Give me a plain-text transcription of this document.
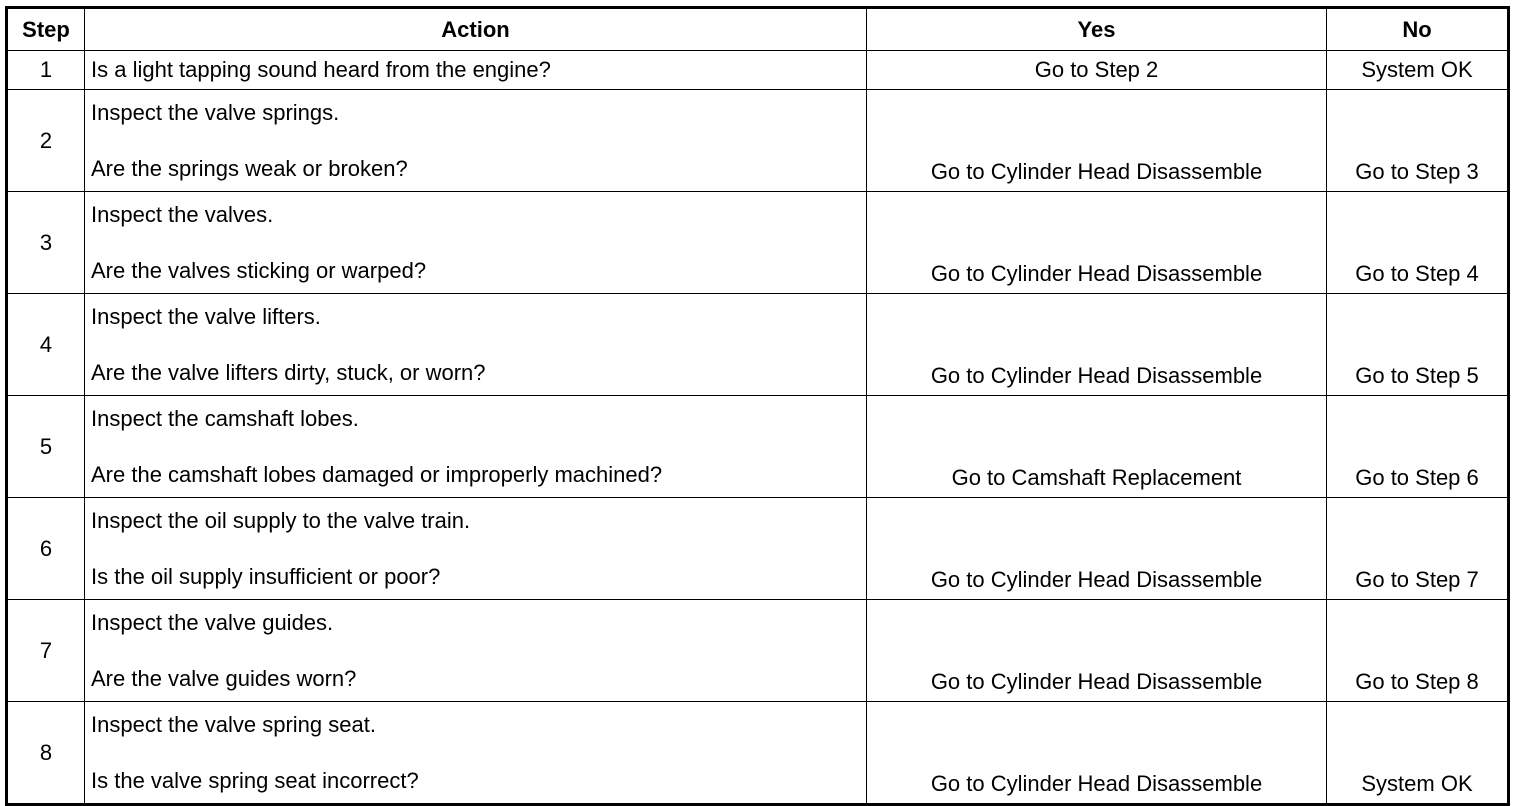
Step	Action	Yes	No
1	Is a light tapping sound heard from the engine?	Go to Step 2	System OK
2	Inspect the valve springs.
Are the springs weak or broken?	Go to Cylinder Head Disassemble	Go to Step 3
3	Inspect the valves.
Are the valves sticking or warped?	Go to Cylinder Head Disassemble	Go to Step 4
4	Inspect the valve lifters.
Are the valve lifters dirty, stuck, or worn?	Go to Cylinder Head Disassemble	Go to Step 5
5	Inspect the camshaft lobes.
Are the camshaft lobes damaged or improperly machined?	Go to Camshaft Replacement	Go to Step 6
6	Inspect the oil supply to the valve train.
Is the oil supply insufficient or poor?	Go to Cylinder Head Disassemble	Go to Step 7
7	Inspect the valve guides.
Are the valve guides worn?	Go to Cylinder Head Disassemble	Go to Step 8
8	Inspect the valve spring seat.
Is the valve spring seat incorrect?	Go to Cylinder Head Disassemble	System OK
